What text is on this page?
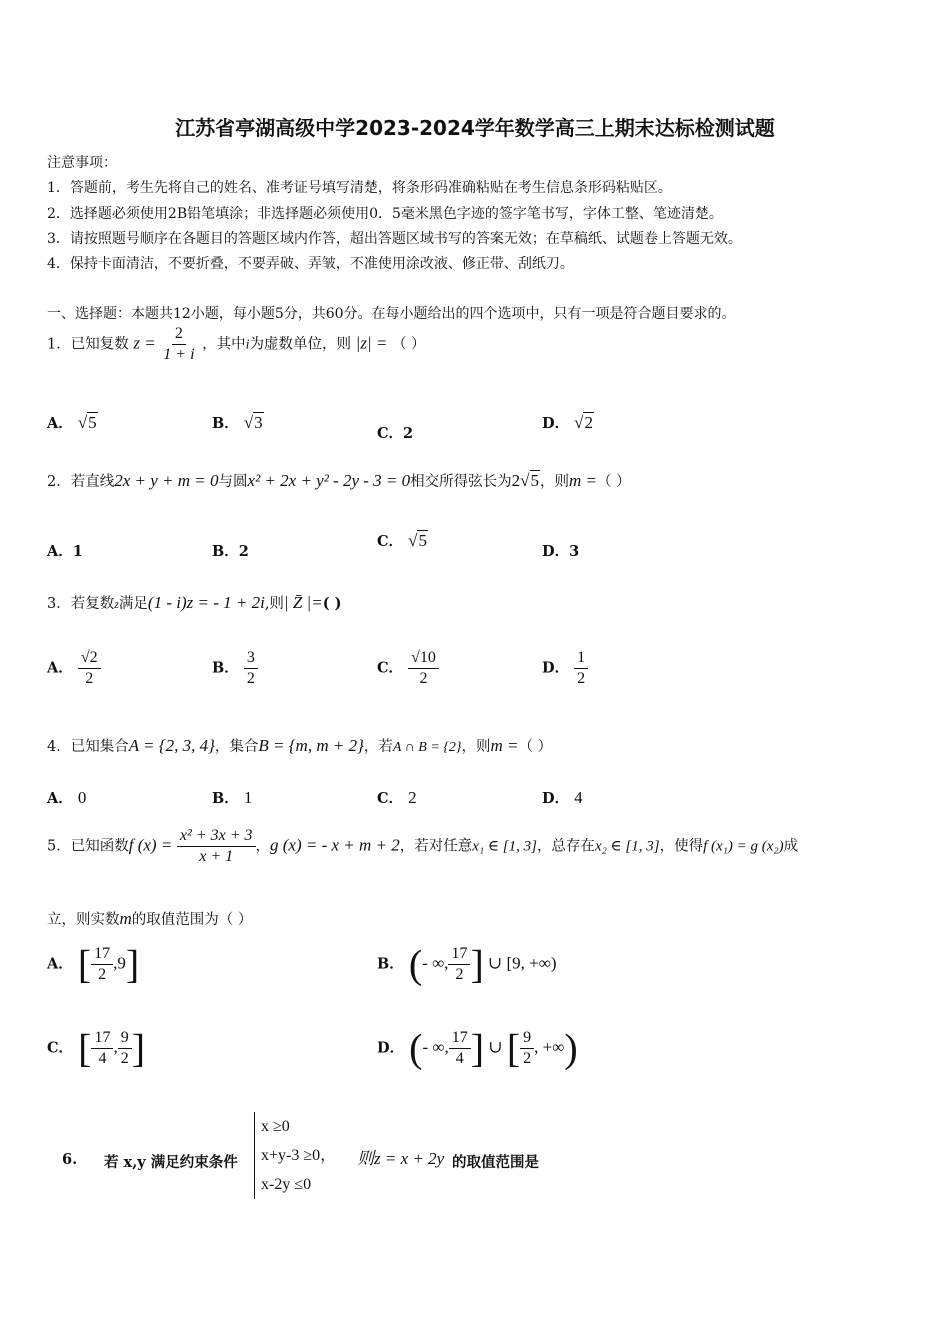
江苏省亭湖高级中学2023-2024学年数学高三上期末达标检测试题
注意事项：
1．答题前，考生先将自己的姓名、准考证号填写清楚，将条形码准确粘贴在考生信息条形码粘贴区。
2．选择题必须使用2B铅笔填涂；非选择题必须使用0．5毫米黑色字迹的签字笔书写，字体工整、笔迹清楚。
3．请按照题号顺序在各题目的答题区域内作答，超出答题区域书写的答案无效；在草稿纸、试题卷上答题无效。
4．保持卡面清洁，不要折叠，不要弄破、弄皱，不准使用涂改液、修正带、刮纸刀。
一、选择题：本题共12小题，每小题5分，共60分。在每小题给出的四个选项中，只有一项是符合题目要求的。
1．已知复数 $z = \frac{2}{1 + i}$ ，其中i为虚数单位，则 |z| = （ ）
A． √5	B． √3
C．2
D． √2
2．若直线2x + y + m = 0与圆x² + 2x + y² - 2y - 3 = 0相交所得弦长为2√5，则m =（ ）
A．1	B．2
C． √5
D．3
3．若复数z满足(1 - i)z = - 1 + 2i,则| Z̄ |=( )
A． $\frac{√2}{2}$	B． $\frac{3}{2}$	C． $\frac{√10}{2}$	D． $\frac{1}{2}$
4．已知集合A = {2, 3, 4}，集合B = {m, m + 2}，若A ∩ B = {2}，则m =（ ）
A． 0	B． 1	C． 2	D． 4
5．已知函数f $(x) = \frac{\text{x² + 3x + 3}}{x + 1}$ ，g (x) = - x + m + 2，若对任意x₁ ∈ [1, 3]，总存在x₂ ∈ [1, 3]，使得f (x₁) = g (x₂)成
立，则实数m的取值范围为（ ）
A． [ $\frac{17}{2} ,9$]	B． (- ∞, $\frac{17}{2}$ ] ∪ [9, +∞)
C． [ $\frac{17}{4}$ , $\frac{9}{2}$ ]	D． (- ∞, $\frac{17}{4}$ ] ∪ [ $\frac{9}{2}$ , +∞)
6. 若 x,y 满足约束条件
x ≥0
x+y-3 ≥0，
x-2y ≤0
则z = x + 2y 的取值范围是
